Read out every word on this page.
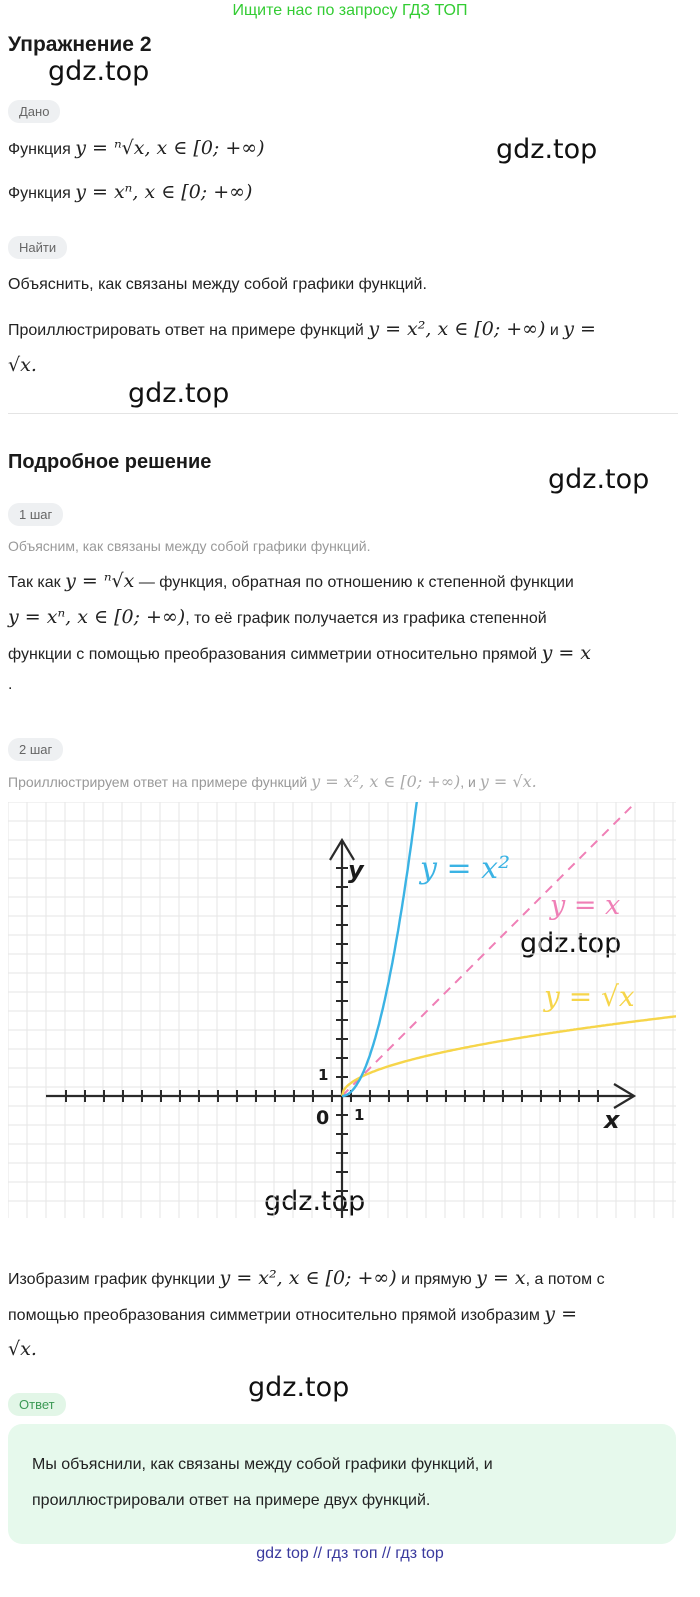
Ищите нас по запросу ГДЗ ТОП
Упражнение 2
gdz.top
gdz.top
gdz.top
gdz.top
gdz.top
gdz.top
gdz.top
Дано
Функция y = ⁿ√x, x ∈ [0; +∞)
Функция y = xⁿ, x ∈ [0; +∞)
Найти
Объяснить, как связаны между собой графики функций.
Проиллюстрировать ответ на примере функций y = x², x ∈ [0; +∞) и y =
√x.
Подробное решение
1 шаг
Объясним, как связаны между собой графики функций.
Так как y = ⁿ√x — функция, обратная по отношению к степенной функции
y = xⁿ, x ∈ [0; +∞), то её график получается из графика степенной
функции с помощью преобразования симметрии относительно прямой y = x
.
2 шаг
Проиллюстрируем ответ на примере функций y = x², x ∈ [0; +∞), и y = √x.
y
x
0 1
1
y = x²
y = x
y = √x
Изобразим график функции y = x², x ∈ [0; +∞) и прямую y = x, а потом с
помощью преобразования симметрии относительно прямой изобразим y =
√x.
Ответ
Мы объяснили, как связаны между собой графики функций, и
проиллюстрировали ответ на примере двух функций.
gdz top // гдз топ // гдз top
